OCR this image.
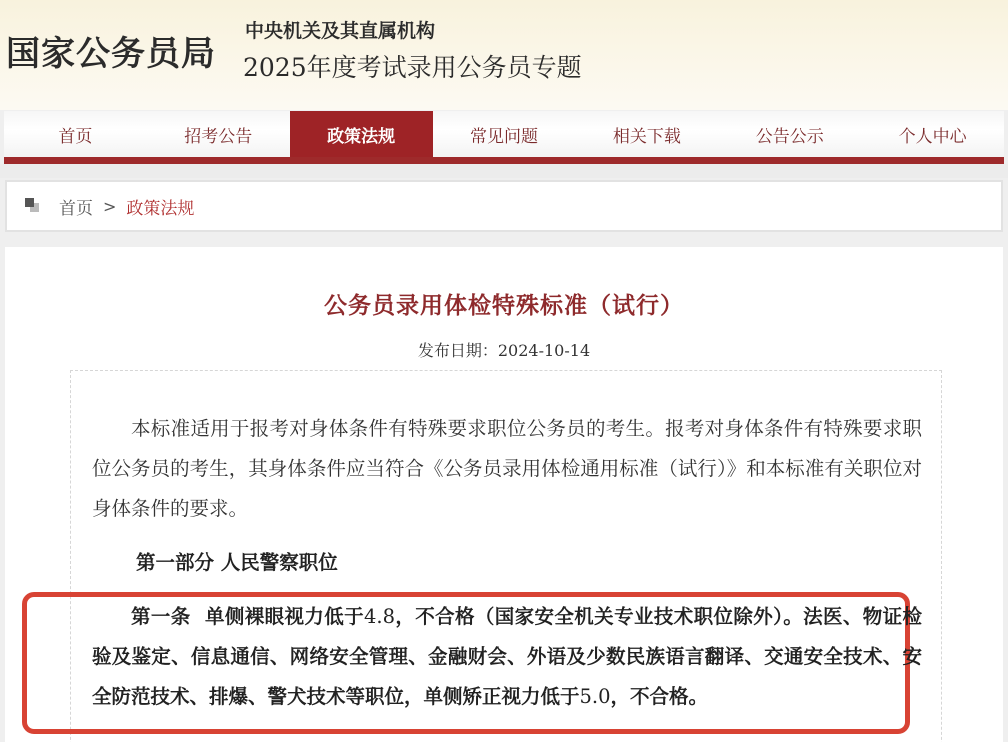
国家公务员局
中央机关及其直属机构
2025年度考试录用公务员专题
首页	招考公告	政策法规	常见问题	相关下载	公告公示	个人中心
首页 > 政策法规
公务员录用体检特殊标准（试行）
发布日期：2024-10-14

本标准适用于报考对身体条件有特殊要求职位公务员的考生。报考对身体条件有特殊要求职位公务员的考生，其身体条件应当符合《公务员录用体检通用标准（试行）》和本标准有关职位对身体条件的要求。

第一部分 人民警察职位

第一条 单侧裸眼视力低于4.8，不合格（国家安全机关专业技术职位除外）。法医、物证检验及鉴定、信息通信、网络安全管理、金融财会、外语及少数民族语言翻译、交通安全技术、安全防范技术、排爆、警犬技术等职位，单侧矫正视力低于5.0，不合格。
